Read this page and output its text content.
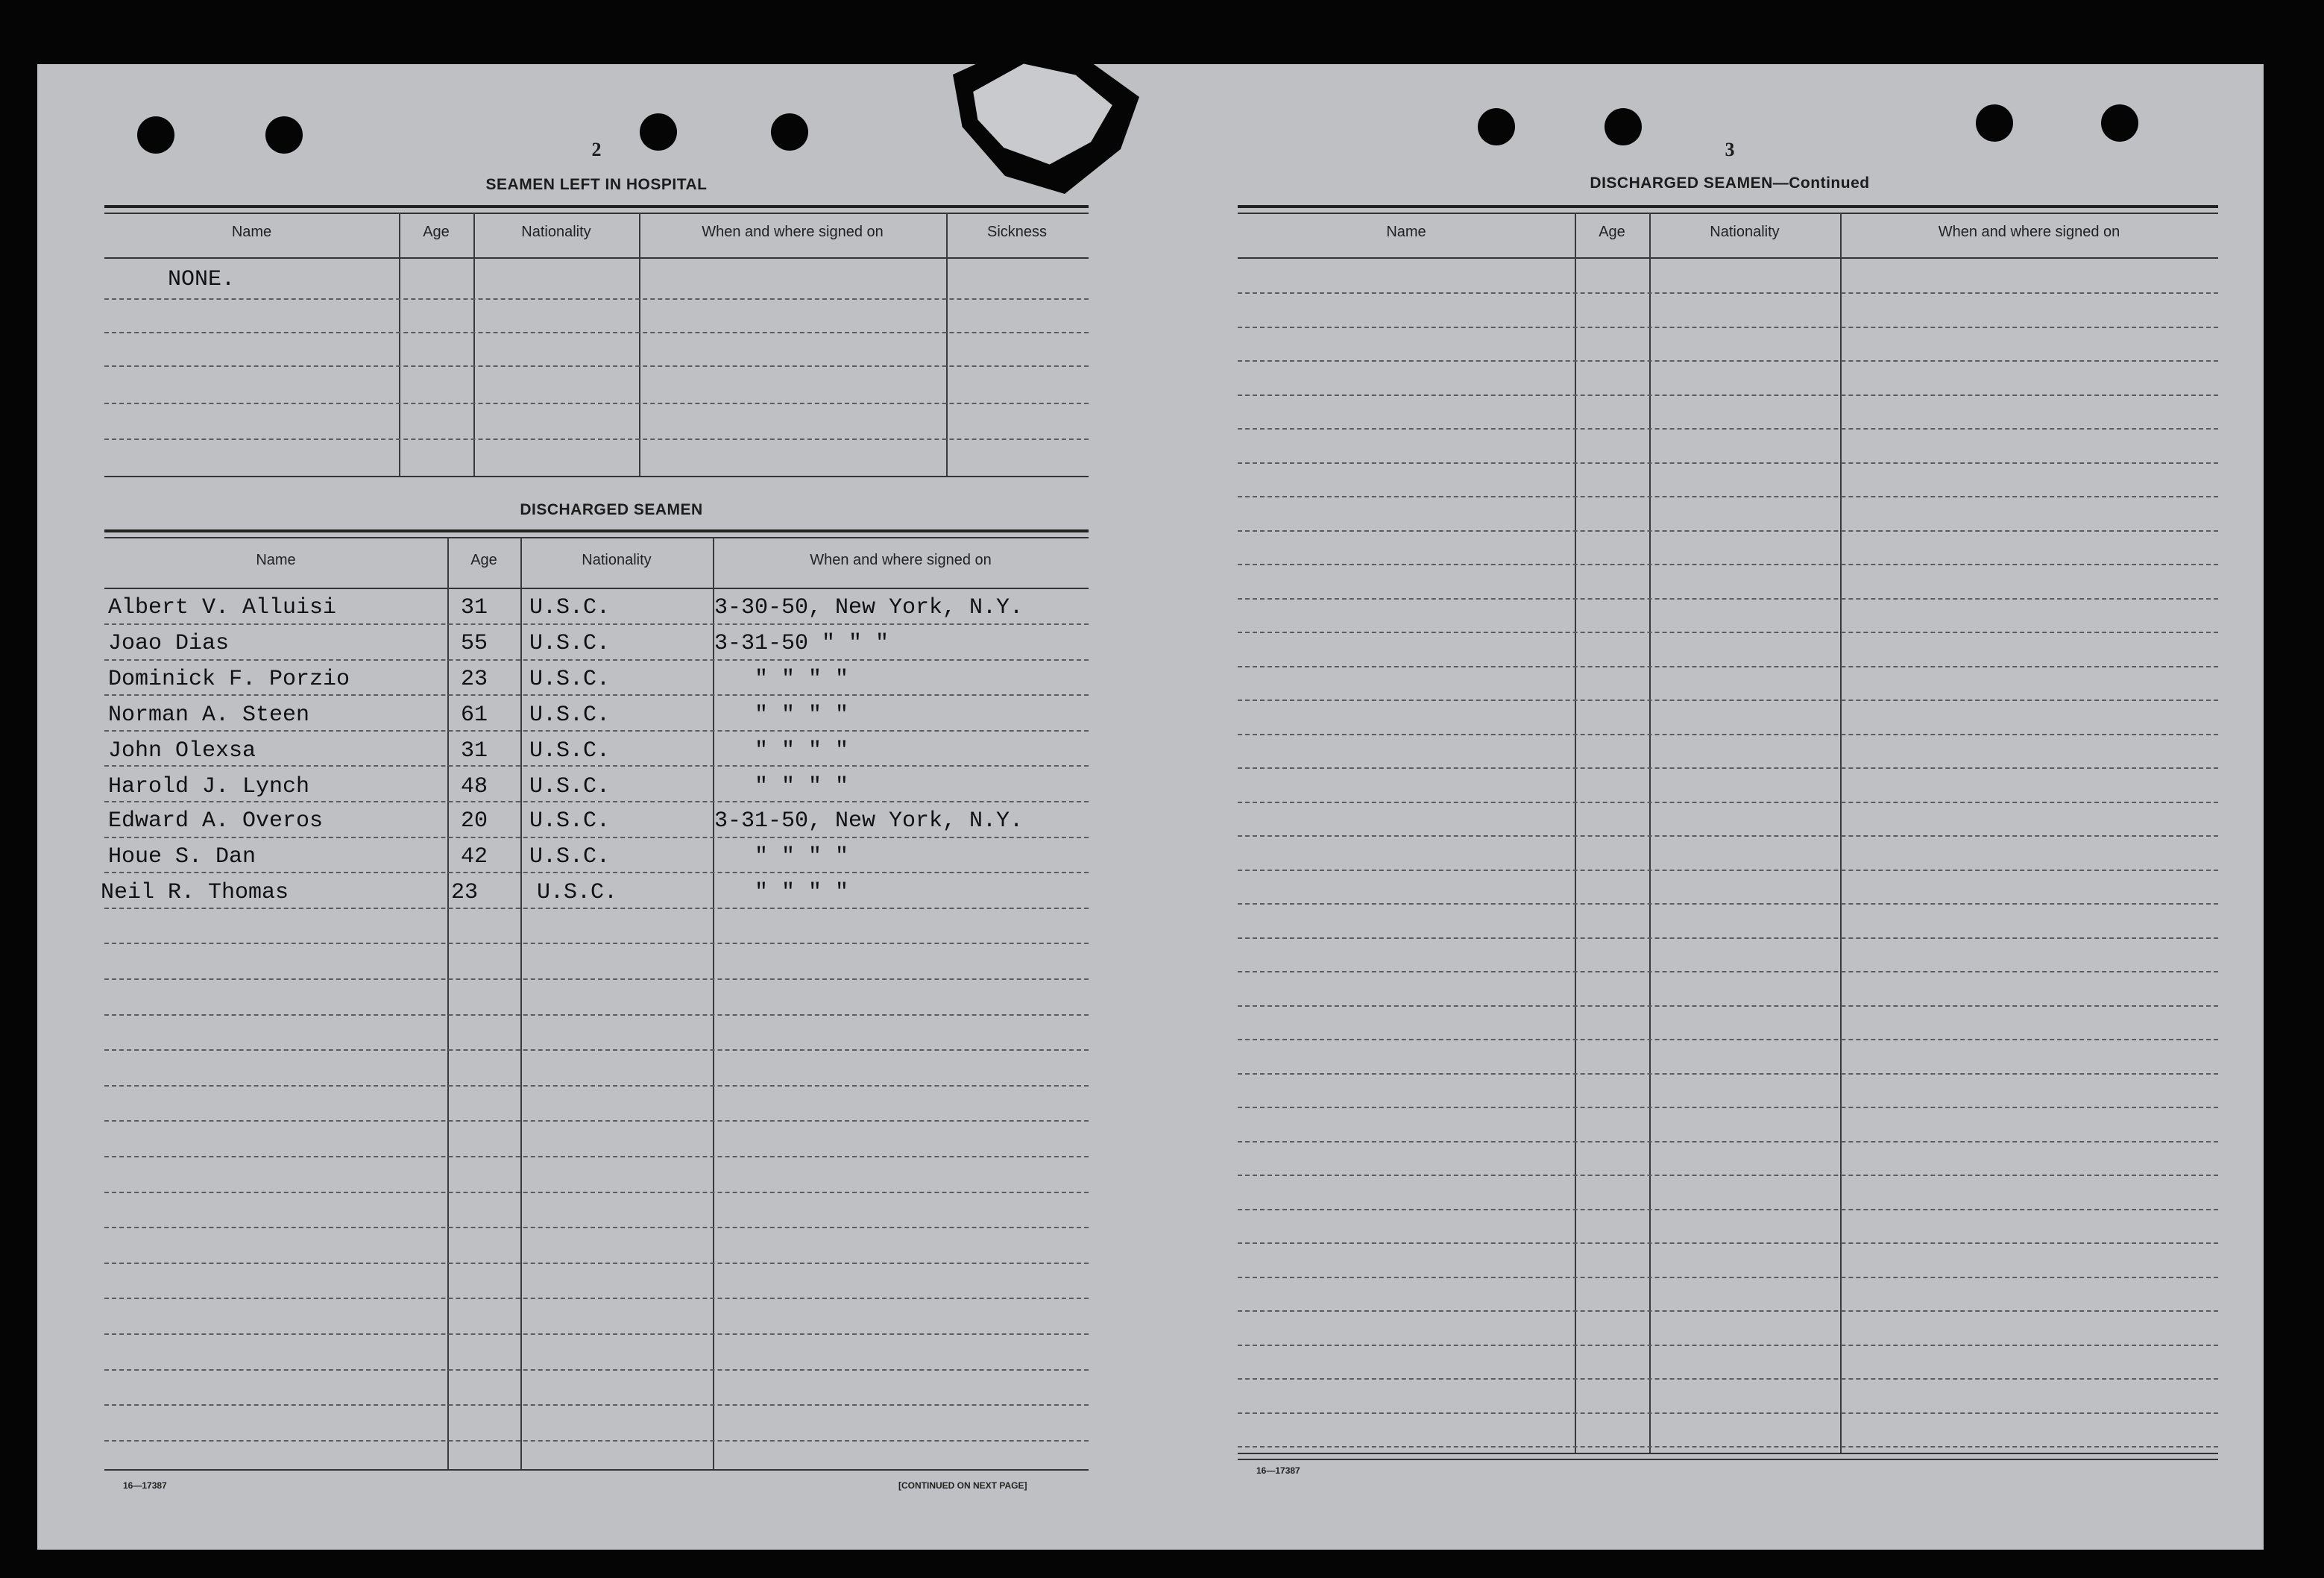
2
SEAMEN LEFT IN HOSPITAL
Name	Age	Nationality	When and where signed on	Sickness
NONE.
DISCHARGED SEAMEN
Name	Age	Nationality	When and where signed on
Albert V. Alluisi	31 U.S.C.	3-30-50, New York, N.Y.
Joao Dias	55 U.S.C.	3-31-50 " " "
Dominick F. Porzio	23 U.S.C.	" " " "
Norman A. Steen	61 U.S.C.	" " " "
John Olexsa	31 U.S.C.	" " " "
Harold J. Lynch	48 U.S.C.	" " " "
Edward A. Overos	20 U.S.C.	3-31-50, New York, N.Y.
Houe S. Dan	42 U.S.C.	" " " "
Neil R. Thomas	23	U.S.C.	" " " "
16—17387	[CONTINUED ON NEXT PAGE]
3
DISCHARGED SEAMEN—Continued
Name	Age	Nationality	When and where signed on
16—17387
